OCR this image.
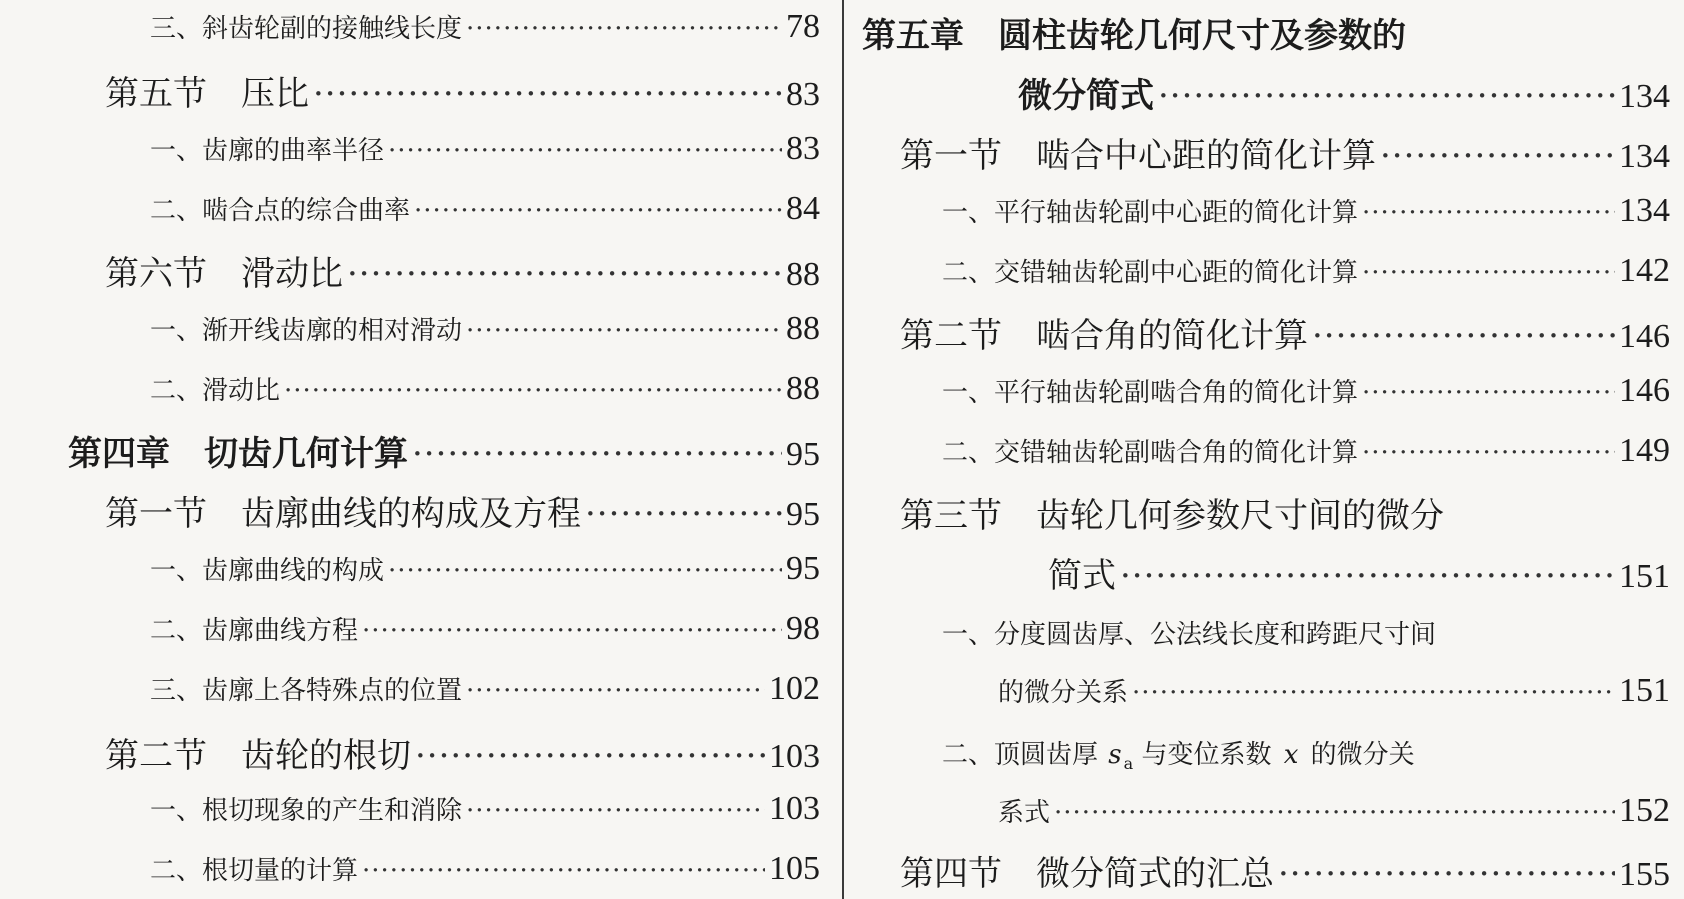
三、斜齿轮副的接触线长度 ·····	78
第五节　压比 ·····	83
一、齿廓的曲率半径 ·····	83
二、啮合点的综合曲率 ·····	84
第六节　滑动比 ·····	88
一、渐开线齿廓的相对滑动 ·····	88
二、滑动比 ·····	88
第四章　切齿几何计算 ·····	95
第一节　齿廓曲线的构成及方程 ·····	95
一、齿廓曲线的构成 ·····	95
二、齿廓曲线方程 ·····	98
三、齿廓上各特殊点的位置 ·····	102
第二节　齿轮的根切 ·····	103
一、根切现象的产生和消除 ·····	103
二、根切量的计算 ·····	105
第五章　圆柱齿轮几何尺寸及参数的
微分简式 ·····	134
第一节　啮合中心距的简化计算 ·····	134
一、平行轴齿轮副中心距的简化计算 ·····	134
二、交错轴齿轮副中心距的简化计算 ·····	142
第二节　啮合角的简化计算 ·····	146
一、平行轴齿轮副啮合角的简化计算 ·····	146
二、交错轴齿轮副啮合角的简化计算 ·····	149
第三节　齿轮几何参数尺寸间的微分
简式 ·····	151
一、分度圆齿厚、公法线长度和跨距尺寸间
的微分关系 ·····	151
二、顶圆齿厚 s $_a$ 与变位系数 x 的微分关
系式 ·····	152
第四节　微分简式的汇总 ·····	155
